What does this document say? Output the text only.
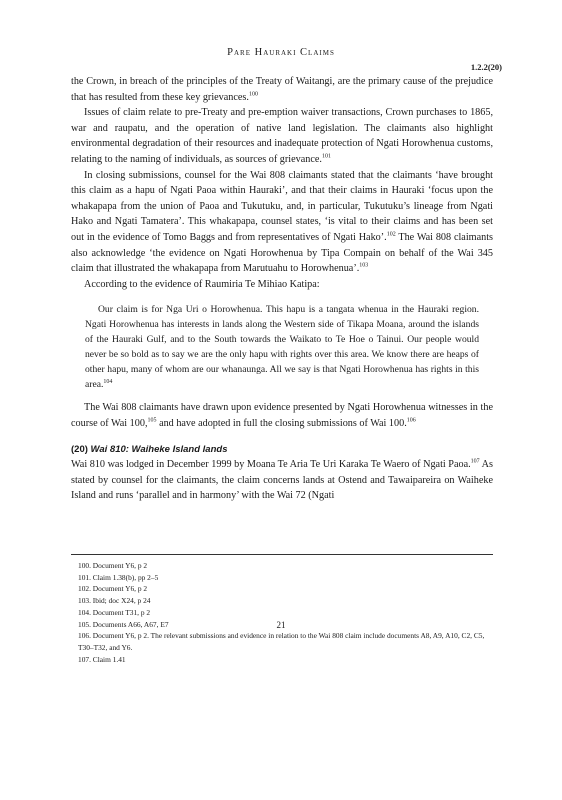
Pare Hauraki Claims
1.2.2(20)

the Crown, in breach of the principles of the Treaty of Waitangi, are the primary cause of the prejudice that has resulted from these key grievances.$^{100}$

Issues of claim relate to pre-Treaty and pre-emption waiver transactions, Crown purchases to 1865, war and raupatu, and the operation of native land legislation. The claimants also highlight environmental degradation of their resources and inadequate protection of Ngati Horowhenua customs, relating to the naming of individuals, as sources of grievance.$^{101}$

In closing submissions, counsel for the Wai 808 claimants stated that the claimants ‘have brought this claim as a hapu of Ngati Paoa within Hauraki’, and that their claims in Hauraki ‘focus upon the whakapapa from the union of Paoa and Tukutuku, and, in particular, Tukutuku’s lineage from Ngati Hako and Ngati Tamatera’. This whakapapa, counsel states, ‘is vital to their claims and has been set out in the evidence of Tomo Baggs and from representatives of Ngati Hako’.$^{102}$ The Wai 808 claimants also acknowledge ‘the evidence on Ngati Horowhenua by Tipa Compain on behalf of the Wai 345 claim that illustrated the whakapapa from Marutuahu to Horowhenua’.$^{103}$

According to the evidence of Raumiria Te Mihiao Katipa:

Our claim is for Nga Uri o Horowhenua. This hapu is a tangata whenua in the Hauraki region. Ngati Horowhenua has interests in lands along the Western side of Tikapa Moana, around the islands of the Hauraki Gulf, and to the South towards the Waikato to Te Hoe o Tainui. Our people would never be so bold as to say we are the only hapu with rights over this area. We know there are heaps of other hapu, many of whom are our whanaunga. All we say is that Ngati Horowhenua has rights in this area.$^{104}$

The Wai 808 claimants have drawn upon evidence presented by Ngati Horowhenua witnesses in the course of Wai 100,$^{105}$ and have adopted in full the closing submissions of Wai 100.$^{106}$

(20) Wai 810: Waiheke Island lands

Wai 810 was lodged in December 1999 by Moana Te Aria Te Uri Karaka Te Waero of Ngati Paoa.$^{107}$ As stated by counsel for the claimants, the claim concerns lands at Ostend and Tawaipareira on Waiheke Island and runs ‘parallel and in harmony’ with the Wai 72 (Ngati

100. Document Y6, p 2
101. Claim 1.38(b), pp 2–5
102. Document Y6, p 2
103. Ibid; doc X24, p 24
104. Document T31, p 2
105. Documents A66, A67, E7
106. Document Y6, p 2. The relevant submissions and evidence in relation to the Wai 808 claim include documents A8, A9, A10, C2, C5, T30–T32, and Y6.
107. Claim 1.41
21
